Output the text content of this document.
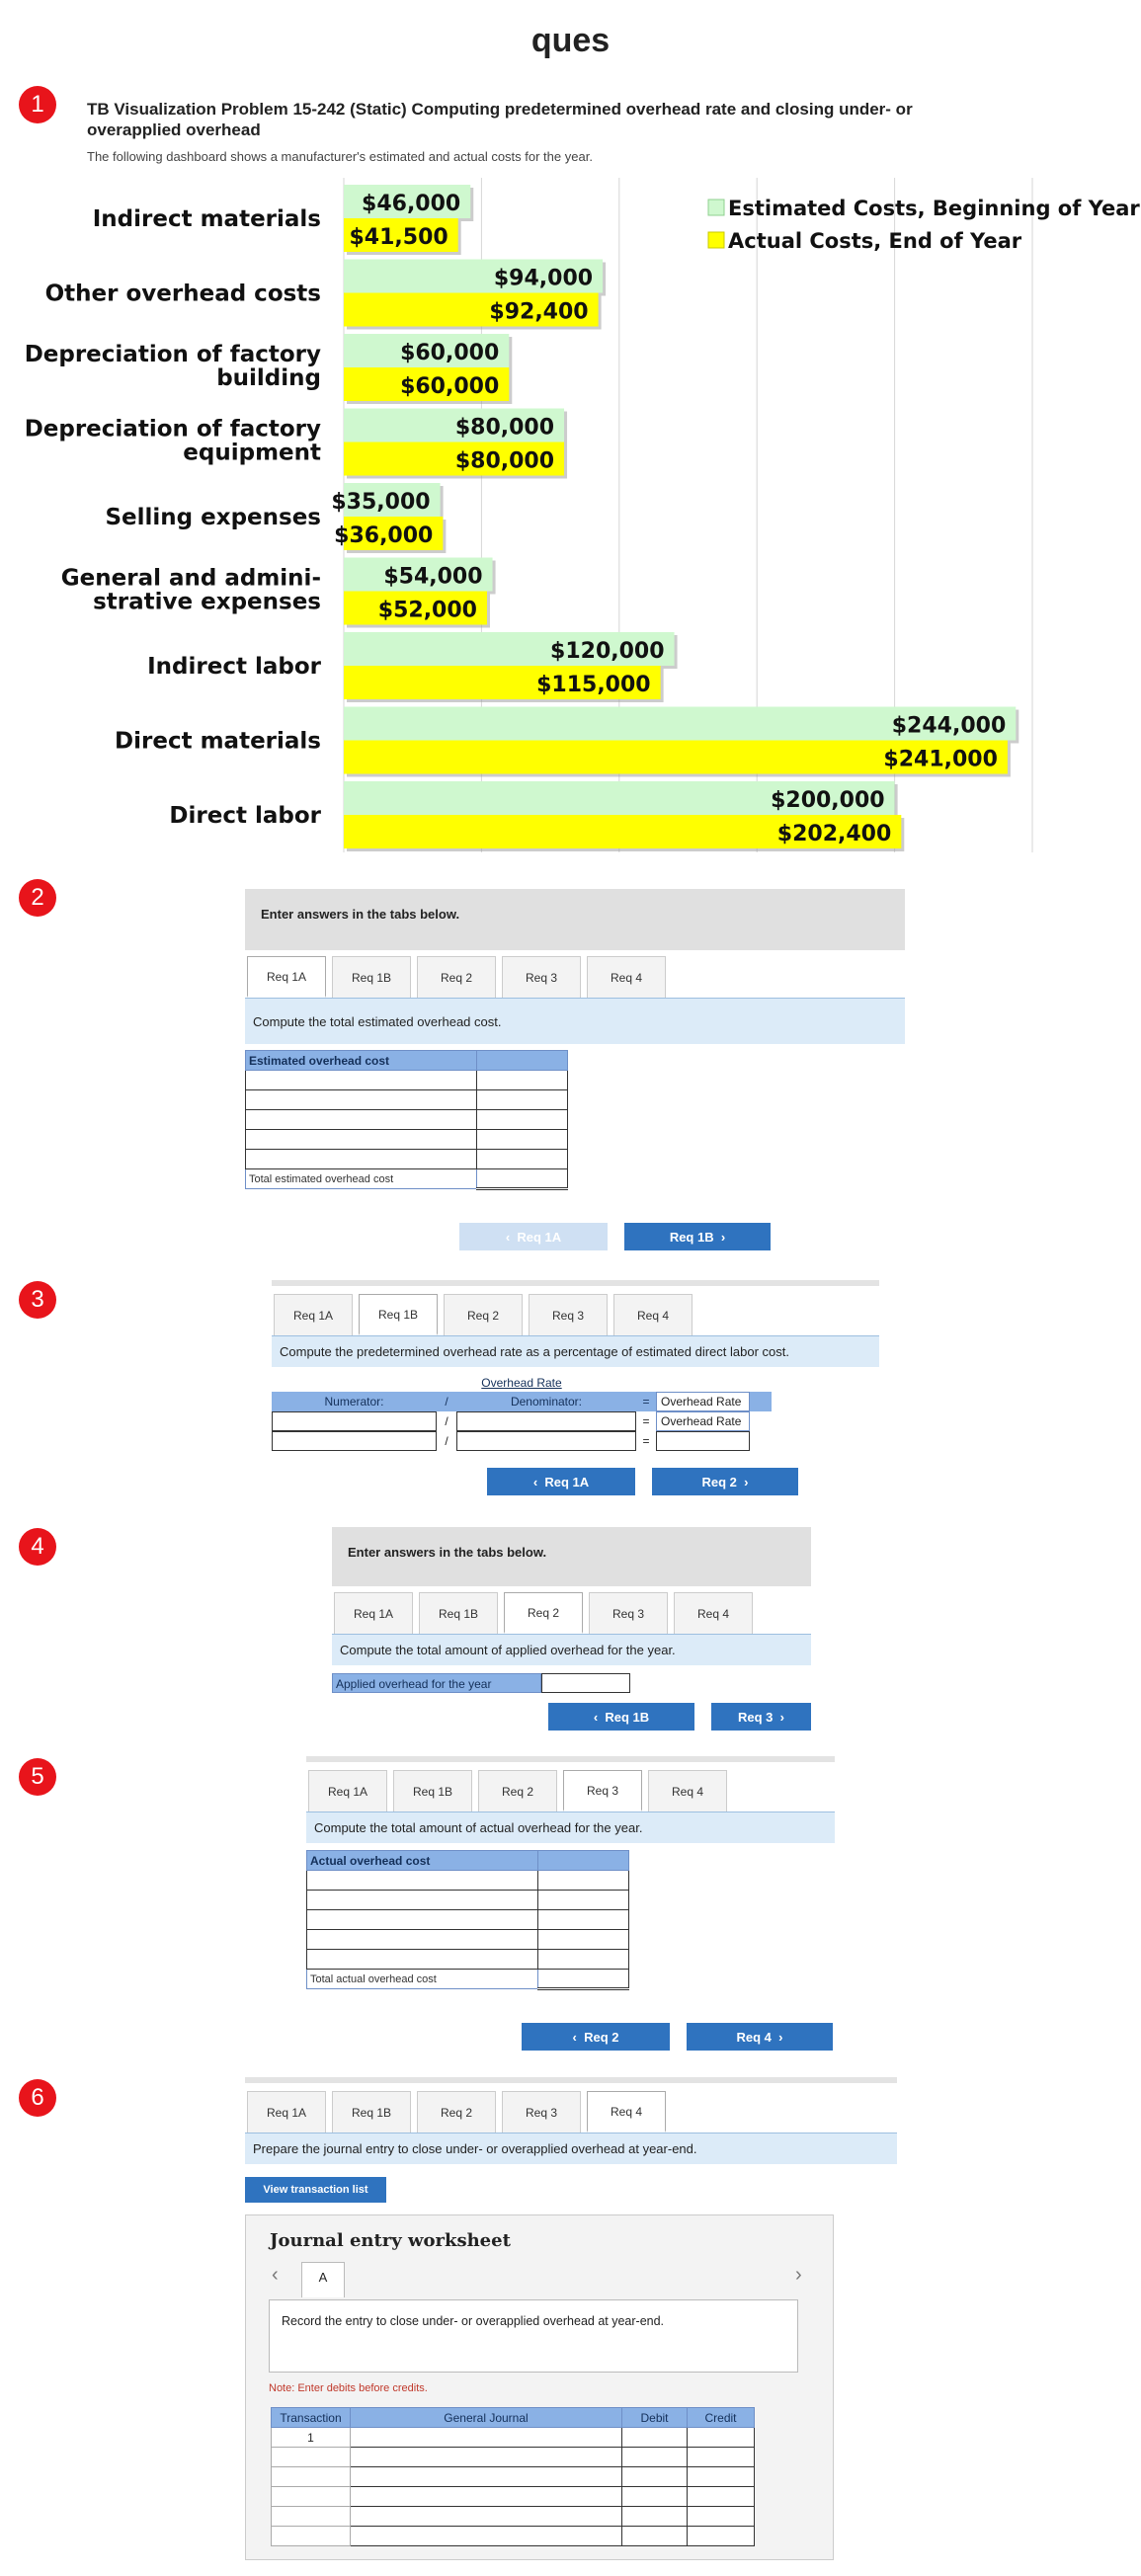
ques
1
2
3
4
5
6
TB Visualization Problem 15-242 (Static) Computing predetermined overhead rate and closing under- or overapplied overhead
The following dashboard shows a manufacturer's estimated and actual costs for the year.
$46,000
$41,500
Indirect materials
$94,000
$92,400
Other overhead costs
$60,000
$60,000
Depreciation of factory
building
$80,000
$80,000
Depreciation of factory
equipment
$35,000
$36,000
Selling expenses
$54,000
$52,000
General and admini-
strative expenses
$120,000
$115,000
Indirect labor
$244,000
$241,000
Direct materials
$200,000
$202,400
Direct labor
Estimated Costs, Beginning of Year
Actual Costs, End of Year
Enter answers in the tabs below.
Req 1A	Req 1B	Req 2	Req 3	Req 4
Compute the total estimated overhead cost.
Estimated overhead cost	

Total estimated overhead cost	
‹ Req 1A	Req 1B ›
Req 1A	Req 1B	Req 2	Req 3	Req 4
Compute the predetermined overhead rate as a percentage of estimated direct labor cost.
Overhead Rate
Numerator:	/	Denominator:	= Overhead Rate
/	= Overhead Rate
/	=
‹ Req 1A	Req 2 ›
Enter answers in the tabs below.
Req 1A	Req 1B	Req 2	Req 3	Req 4
Compute the total amount of applied overhead for the year.
Applied overhead for the year
‹ Req 1B	Req 3 ›
Req 1A	Req 1B	Req 2	Req 3	Req 4
Compute the total amount of actual overhead for the year.
Actual overhead cost	

Total actual overhead cost	
‹ Req 2	Req 4 ›
Req 1A	Req 1B	Req 2	Req 3	Req 4
Prepare the journal entry to close under- or overapplied overhead at year-end.
View transaction list
Journal entry worksheet
‹	A	›
Record the entry to close under- or overapplied overhead at year-end.
Note: Enter debits before credits.
Transaction	General Journal	Debit	Credit
1			
